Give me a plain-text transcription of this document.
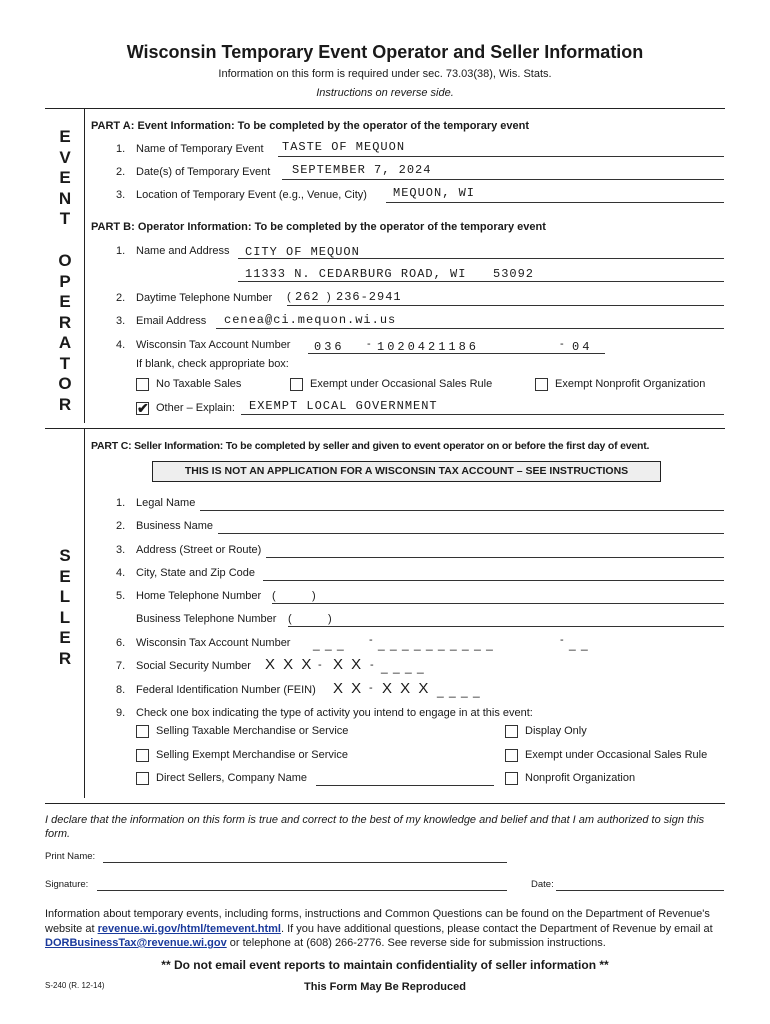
Wisconsin Temporary Event Operator and Seller Information
Information on this form is required under sec. 73.03(38), Wis. Stats.
Instructions on reverse side.
E
V
E
N
T
O
P
E
R
A
T
O
R
S
E
L
L
E
R
PART A: Event Information: To be completed by the operator of the temporary event
1. Name of Temporary Event TASTE OF MEQUON
2. Date(s) of Temporary Event SEPTEMBER 7, 2024
3. Location of Temporary Event (e.g., Venue, City) MEQUON, WI
PART B: Operator Information: To be completed by the operator of the temporary event
1. Name and Address CITY OF MEQUON
11333 N. CEDARBURG ROAD, WI 53092
2. Daytime Telephone Number ( 262 ) 236-2941
3. Email Address cenea@ci.mequon.wi.us
4. Wisconsin Tax Account Number 036 - 1020421186	- 04
If blank, check appropriate box:
No Taxable Sales	Exempt under Occasional Sales Rule	Exempt Nonprofit Organization
✔ Other – Explain: EXEMPT LOCAL GOVERNMENT
PART C: Seller Information: To be completed by seller and given to event operator on or before the first day of event.
THIS IS NOT AN APPLICATION FOR A WISCONSIN TAX ACCOUNT – SEE INSTRUCTIONS
1. Legal Name
2. Business Name
3. Address (Street or Route)
4. City, State and Zip Code
5. Home Telephone Number (	)
Business Telephone Number (	)
6. Wisconsin Tax Account Number _ _ _ - _ _ _ _ _ _ _ _ _ _	- _ _
7. Social Security Number X X X - X X - _ _ _ _
8. Federal Identification Number (FEIN) X X - X X X _ _ _ _
9. Check one box indicating the type of activity you intend to engage in at this event:
Selling Taxable Merchandise or Service	Display Only
Selling Exempt Merchandise or Service	Exempt under Occasional Sales Rule
Direct Sellers, Company Name	Nonprofit Organization
I declare that the information on this form is true and correct to the best of my knowledge and belief and that I am authorized to sign this form.
Print Name:
Signature:	Date:
Information about temporary events, including forms, instructions and Common Questions can be found on the Department of Revenue's website at revenue.wi.gov/html/temevent.html. If you have additional questions, please contact the Department of Revenue by email at DORBusinessTax@revenue.wi.gov or telephone at (608) 266-2776. See reverse side for submission instructions.
** Do not email event reports to maintain confidentiality of seller information **
S-240 (R. 12-14)	This Form May Be Reproduced
